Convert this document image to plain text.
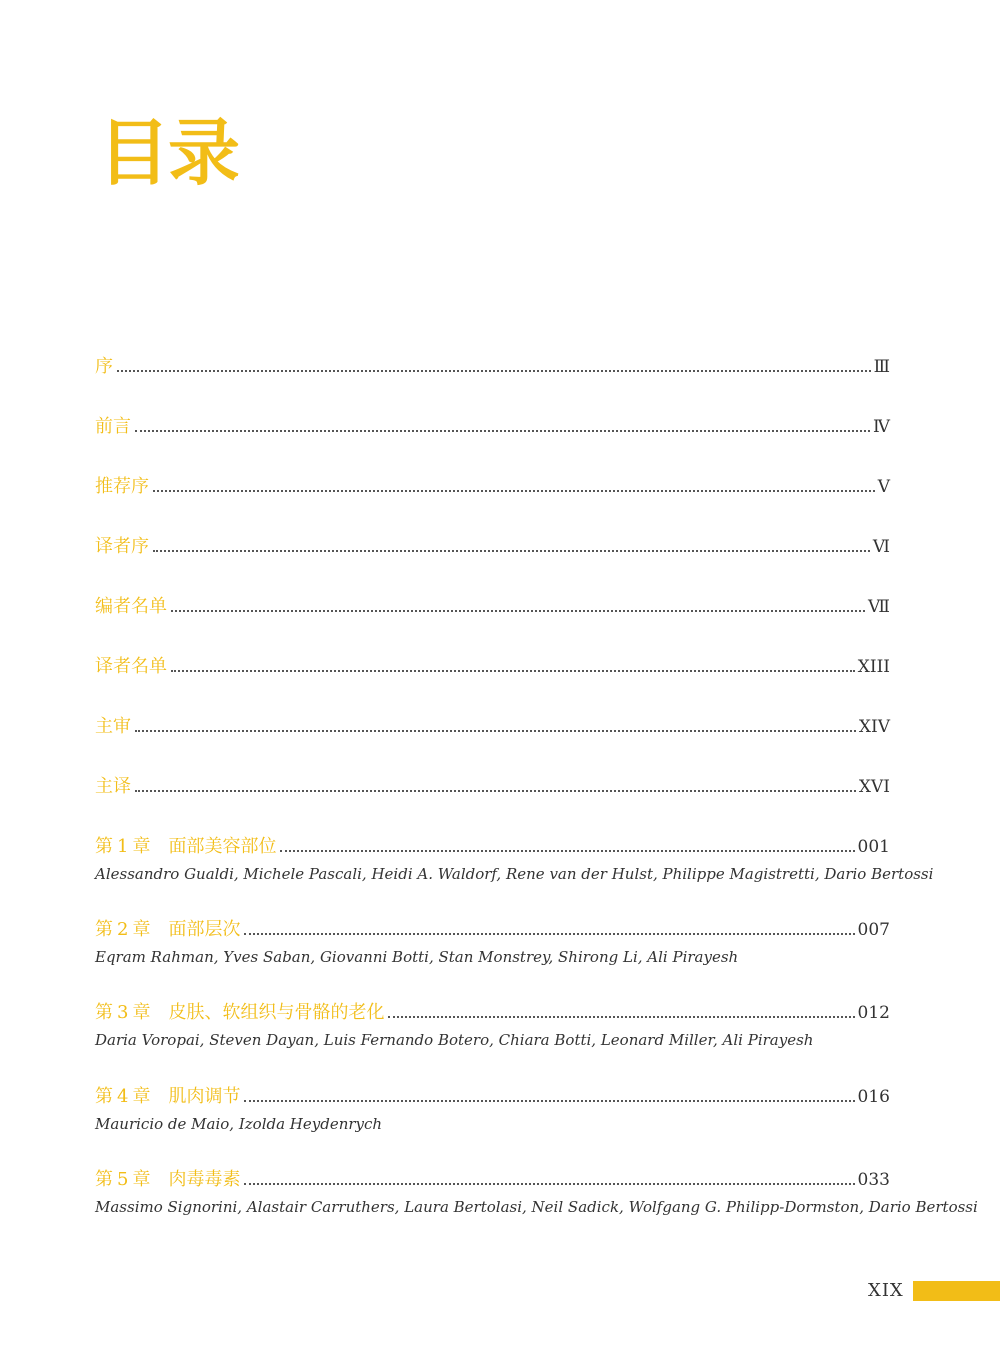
目录
序	Ⅲ
前言	Ⅳ
推荐序	Ⅴ
译者序	Ⅵ
编者名单	Ⅶ
译者名单	XIII
主审	XIV
主译	XVI
第 1 章 面部美容部位	001
Alessandro Gualdi, Michele Pascali, Heidi A. Waldorf, Rene van der Hulst, Philippe Magistretti, Dario Bertossi
第 2 章 面部层次	007
Eqram Rahman, Yves Saban, Giovanni Botti, Stan Monstrey, Shirong Li, Ali Pirayesh
第 3 章 皮肤、软组织与骨骼的老化	012
Daria Voropai, Steven Dayan, Luis Fernando Botero, Chiara Botti, Leonard Miller, Ali Pirayesh
第 4 章 肌肉调节	016
Mauricio de Maio, Izolda Heydenrych
第 5 章 肉毒毒素	033
Massimo Signorini, Alastair Carruthers, Laura Bertolasi, Neil Sadick, Wolfgang G. Philipp-Dormston, Dario Bertossi
XIX
